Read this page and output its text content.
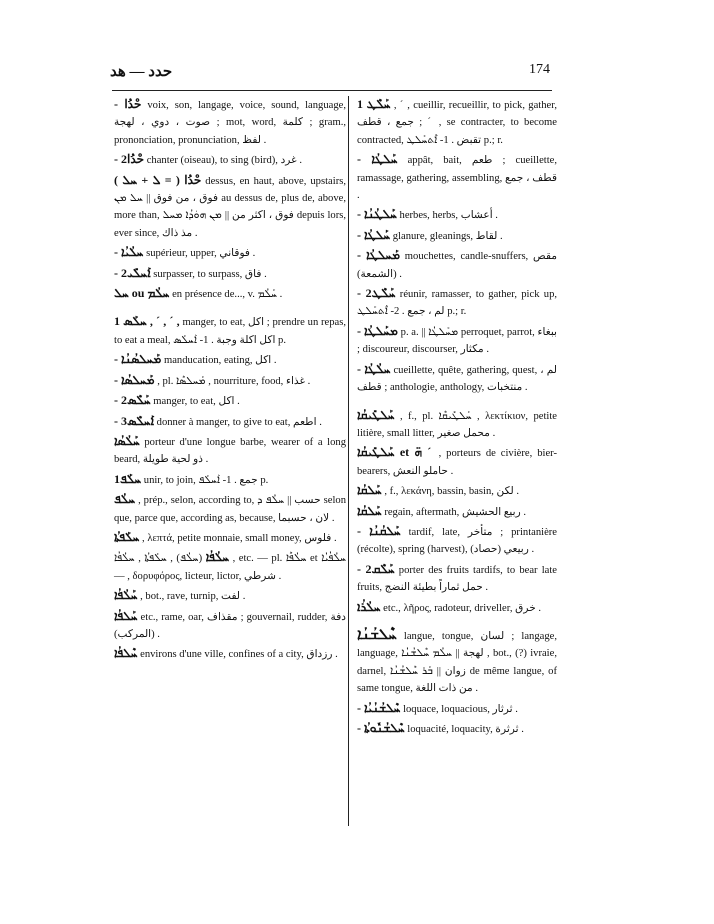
حدد — هد	174
- حْدُا voix, son, langage, voice, sound, language, صوت ، دوي ، لهجة ; mot, word, كلمة ; gram., prononciation, pronunciation, لفظ .
- 2حْدُا chanter (oiseau), to sing (bird), غرد .
حْدُا ( = ܠ + ܚܠ ) dessus, en haut, above, upstairs, فوق ، من فوق || ܚܠ ܡܢ au dessus de, plus de, above, more than, فوق ، اكثر من || ܡܢ ܗܘܿܕܳܐ ܡܚܠ depuis lors, ever since, مذ ذاك .
- ܚܠܳܝܳܐ supérieur, upper, فوقاني .
- 2ܐܰܚܠܺܝ surpasser, to surpass, فاق .
ܚܠ ou ܚܠܳܡ en présence de..., v. ܚܰܠܳܡ .
1 ܚܠܰܣ , ˊ , ˊ , manger, to eat, اكل ; prendre un repas, to eat a meal, اكل اكلة وجبة . 1- ܐܰܚܠܰܣ p.
- ܡܰܚܠܣܳܢܳܐ manducation, eating, اكل .
- ܡܰܚܠܣܳܐ , pl. ܡܰܚܠܣܶܐ , nourriture, food, غذاء .
- 2ܚܰܠܶܣ manger, to eat, اكل .
- 3ܐܰܚܠܶܣ donner à manger, to give to eat, اطعم .
ܚܰܠܳܣܳܐ porteur d'une longue barbe, wearer of a long beard, ذو لحية طويلة .
1ܚܠܰܦ unir, to join, جمع . 1- ܐܰܚܠܰܦ p.
ܚܠܳܦ , prép., selon, according to, حسب || ܚܠܳܦ ܕ selon que, parce que, according as, because, لان ، حسبما .
ܚܠܰܦܬܳܐ , λεπτά, petite monnaie, small money, فلوس .
ܚܠܳܦܳܐ (ܚܠܳܦ) , ܚܠܰܦܬܳܐ , ܚܠܳܦܳܐ , etc. — pl. ܚܠܳܦܶܐ et ܚܠܳܦܳܝܳܐ — , δορυφόρος, licteur, lictor, شرطي .
ܚܰܠܳܦܳܐ , bot., rave, turnip, لفت .
ܚܰܠܦܳܐ etc., rame, oar, مقذاف ; gouvernail, rudder, دفة (المركب) .
ܚܶܠܦܳܐ environs d'une ville, confines of a city, رزداق .
1 ܚܰܠܶܛ , ˊ , cueillir, recueillir, to pick, gather, جمع ، قطف ; ˊ , se contracter, to become contracted, تقبض . 1- ܐܶܬܚܰܠܛ p.; r.
- ܚܰܠܛܳܐ appât, bait, طعم ; cueillette, ramassage, gathering, assembling, قطف ، جمع .
- ܚܰܠܛܳܢܳܐ herbes, herbs, أعشاب .
- ܚܰܠܛܳܐ glanure, gleanings, لقاط .
- ܡܰܚܠܛܳܐ mouchettes, candle-snuffers, مقص (الشمعة) .
- 2ܚܰܠܶܛ réunir, ramasser, to gather, pick up, لم ، جمع . 2- ܐܶܬܚܰܠܛ p.; r.
- ܡܚܰܠܛܳܐ p. a. || ܡܚܰܠܛܳܐ perroquet, parrot, ببغاء ; discoureur, discourser, مكثار .
- ܚܠܳܛܳܐ cueillette, quête, gathering, quest, لم ، قطف ; anthologie, anthology, منتخبات .
ܚܰܠܛܺܝܩܳܐ , f., pl. ܚܰܠܛܺܝܩܶܐ , λεκτίκιον, petite litière, small litter, محمل صغير .
ܚܰܠܛܺܝܩܳܐ et ܗ̈ ˊ , porteurs de civière, bier-bearers, حاملو النعش .
ܚܰܠܩܳܐ , f., λεκάνη, bassin, basin, لكن .
ܚܰܠܩܳܐ regain, aftermath, ربيع الحشيش .
- ܚܰܠܩܳܢܳܐ tardif, late, متأخر ; printanière (récolte), spring (harvest), ربيعي (حصاد) .
- 2ܚܰܠܶܩ porter des fruits tardifs, to bear late fruits, حمل ثماراً بطيئة النضج .
ܚܠܳܪܳܐ etc., λῆρος, radoteur, driveller, خرق .
ܚܶܠܫܳܢܳܐ langue, tongue, لسان ; langage, language, لهجة || ܚܠܳܡ ܚܶܠܫܳܢܳܐ , bot., (?) ivraie, darnel, زوان || ܒܰܪ ܚܶܠܫܳܢܳܐ de même langue, of same tongue, من ذات اللغة .
- ܚܶܠܫܳܢܳܝܳܐ loquace, loquacious, ثرثار .
- ܚܶܠܫܳܢܽܘܬܳܐ loquacité, loquacity, ثرثرة .
